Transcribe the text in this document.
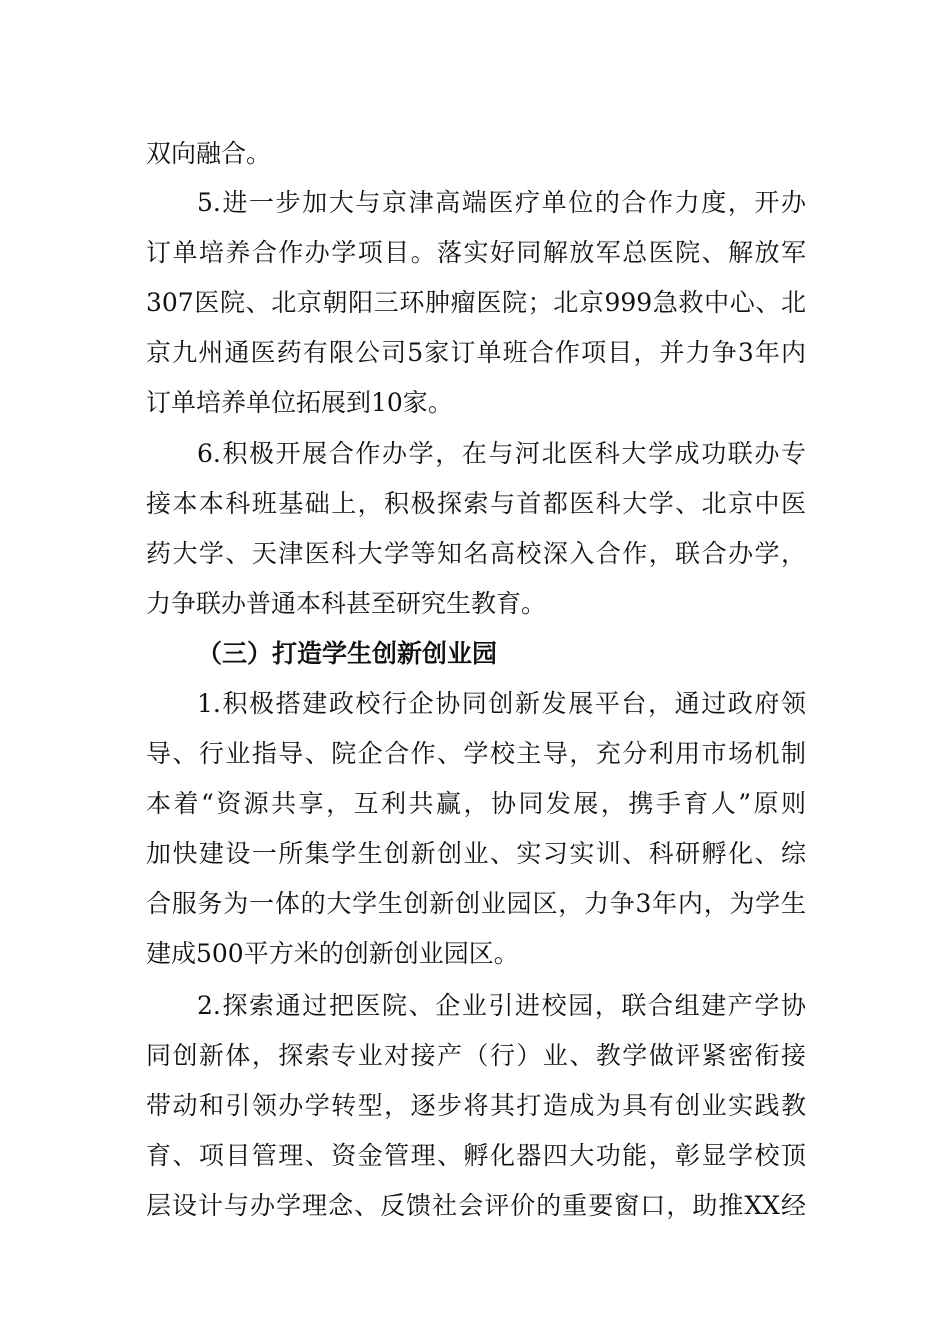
双向融合。
5.进一步加大与京津高端医疗单位的合作力度，开办
订单培养合作办学项目。落实好同解放军总医院、解放军
307医院、北京朝阳三环肿瘤医院；北京999急救中心、北
京九州通医药有限公司5家订单班合作项目，并力争3年内
订单培养单位拓展到10家。
6.积极开展合作办学，在与河北医科大学成功联办专
接本本科班基础上，积极探索与首都医科大学、北京中医
药大学、天津医科大学等知名高校深入合作，联合办学，
力争联办普通本科甚至研究生教育。
（三）打造学生创新创业园
1.积极搭建政校行企协同创新发展平台，通过政府领
导、行业指导、院企合作、学校主导，充分利用市场机制
本着“资源共享，互利共赢，协同发展，携手育人”原则
加快建设一所集学生创新创业、实习实训、科研孵化、综
合服务为一体的大学生创新创业园区，力争3年内，为学生
建成500平方米的创新创业园区。
2.探索通过把医院、企业引进校园，联合组建产学协
同创新体，探索专业对接产（行）业、教学做评紧密衔接
带动和引领办学转型，逐步将其打造成为具有创业实践教
育、项目管理、资金管理、孵化器四大功能，彰显学校顶
层设计与办学理念、反馈社会评价的重要窗口，助推XX经
